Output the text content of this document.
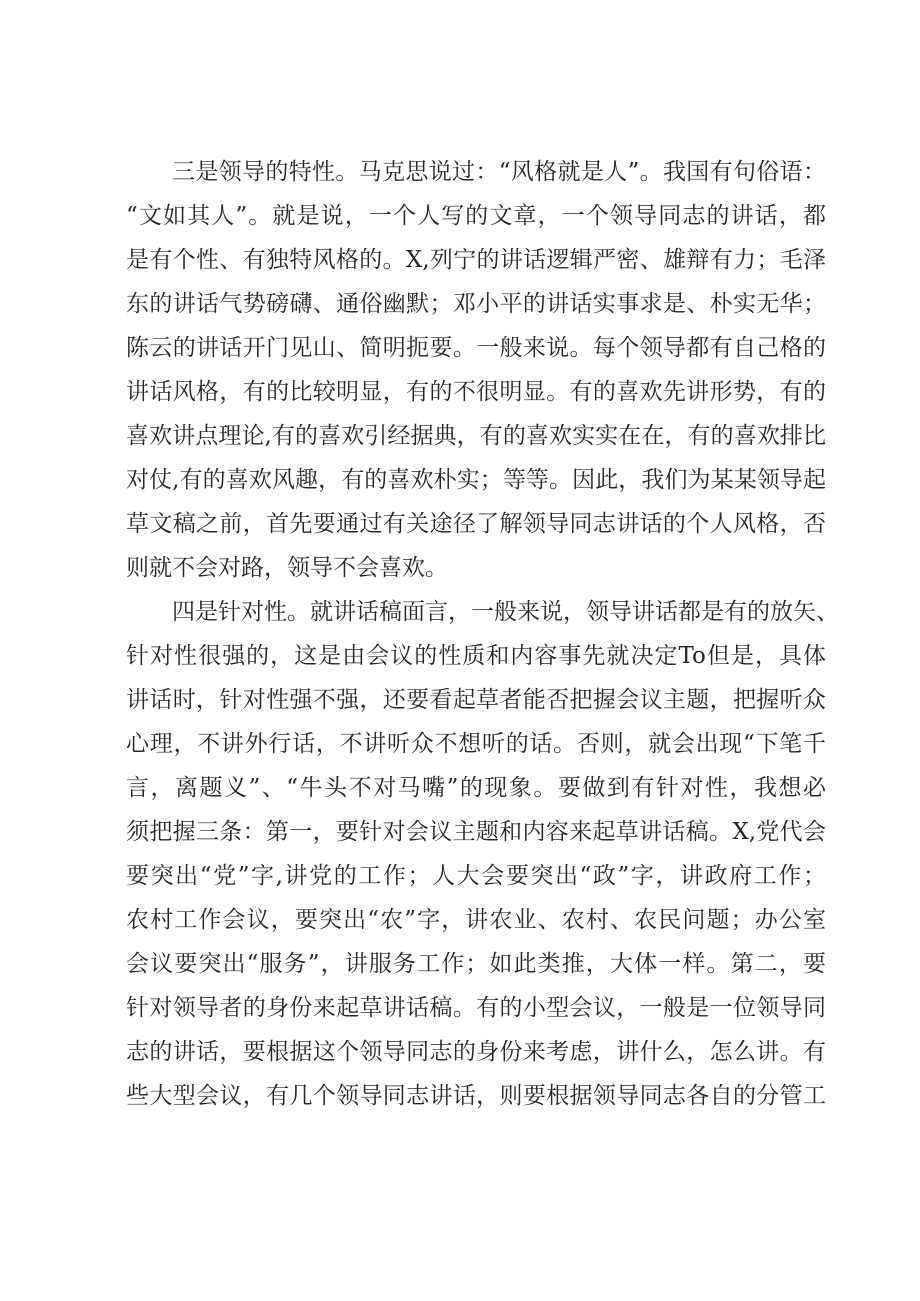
三是领导的特性。马克思说过：“风格就是人”。我国有句俗语：
“文如其人”。就是说，一个人写的文章，一个领导同志的讲话，都
是有个性、有独特风格的。X,列宁的讲话逻辑严密、雄辩有力；毛泽
东的讲话气势磅礴、通俗幽默；邓小平的讲话实事求是、朴实无华；
陈云的讲话开门见山、简明扼要。一般来说。每个领导都有自己格的
讲话风格，有的比较明显，有的不很明显。有的喜欢先讲形势，有的
喜欢讲点理论,有的喜欢引经据典，有的喜欢实实在在，有的喜欢排比
对仗,有的喜欢风趣，有的喜欢朴实；等等。因此，我们为某某领导起
草文稿之前，首先要通过有关途径了解领导同志讲话的个人风格，否
则就不会对路，领导不会喜欢。
四是针对性。就讲话稿面言，一般来说，领导讲话都是有的放矢、
针对性很强的，这是由会议的性质和内容事先就决定To但是，具体
讲话时，针对性强不强，还要看起草者能否把握会议主题，把握听众
心理，不讲外行话，不讲听众不想听的话。否则，就会出现“下笔千
言，离题义”、“牛头不对马嘴”的现象。要做到有针对性，我想必
须把握三条：第一，要针对会议主题和内容来起草讲话稿。X,党代会
要突出“党”字,讲党的工作；人大会要突出“政”字，讲政府工作；
农村工作会议，要突出“农”字，讲农业、农村、农民问题；办公室
会议要突出“服务”，讲服务工作；如此类推，大体一样。第二，要
针对领导者的身份来起草讲话稿。有的小型会议，一般是一位领导同
志的讲话，要根据这个领导同志的身份来考虑，讲什么，怎么讲。有
些大型会议，有几个领导同志讲话，则要根据领导同志各自的分管工
